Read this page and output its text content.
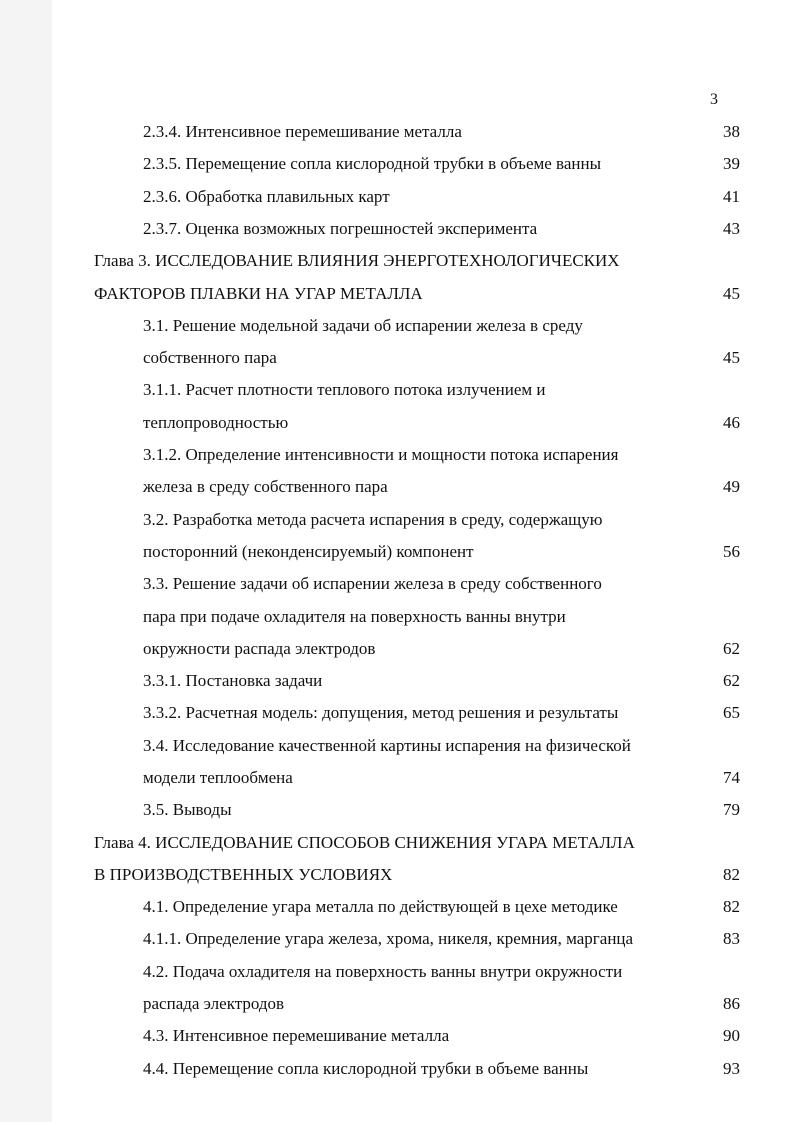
3
2.3.4. Интенсивное перемешивание металла	38
2.3.5. Перемещение сопла кислородной трубки в объеме ванны	39
2.3.6. Обработка плавильных карт	41
2.3.7. Оценка возможных погрешностей эксперимента	43
Глава 3. ИССЛЕДОВАНИЕ ВЛИЯНИЯ ЭНЕРГОТЕХНОЛОГИЧЕСКИХ
ФАКТОРОВ ПЛАВКИ НА УГАР МЕТАЛЛА	45
3.1. Решение модельной задачи об испарении железа в среду
собственного пара	45
3.1.1. Расчет плотности теплового потока излучением и
теплопроводностью	46
3.1.2. Определение интенсивности и мощности потока испарения
железа в среду собственного пара	49
3.2. Разработка метода расчета испарения в среду, содержащую
посторонний (неконденсируемый) компонент	56
3.3. Решение задачи об испарении железа в среду собственного
пара при подаче охладителя на поверхность ванны внутри
окружности распада электродов	62
3.3.1. Постановка задачи	62
3.3.2. Расчетная модель: допущения, метод решения и результаты	65
3.4. Исследование качественной картины испарения на физической
модели теплообмена	74
3.5. Выводы	79
Глава 4. ИССЛЕДОВАНИЕ СПОСОБОВ СНИЖЕНИЯ УГАРА МЕТАЛЛА
В ПРОИЗВОДСТВЕННЫХ УСЛОВИЯХ	82
4.1. Определение угара металла по действующей в цехе методике	82
4.1.1. Определение угара железа, хрома, никеля, кремния, марганца	83
4.2. Подача охладителя на поверхность ванны внутри окружности
распада электродов	86
4.3. Интенсивное перемешивание металла	90
4.4. Перемещение сопла кислородной трубки в объеме ванны	93
